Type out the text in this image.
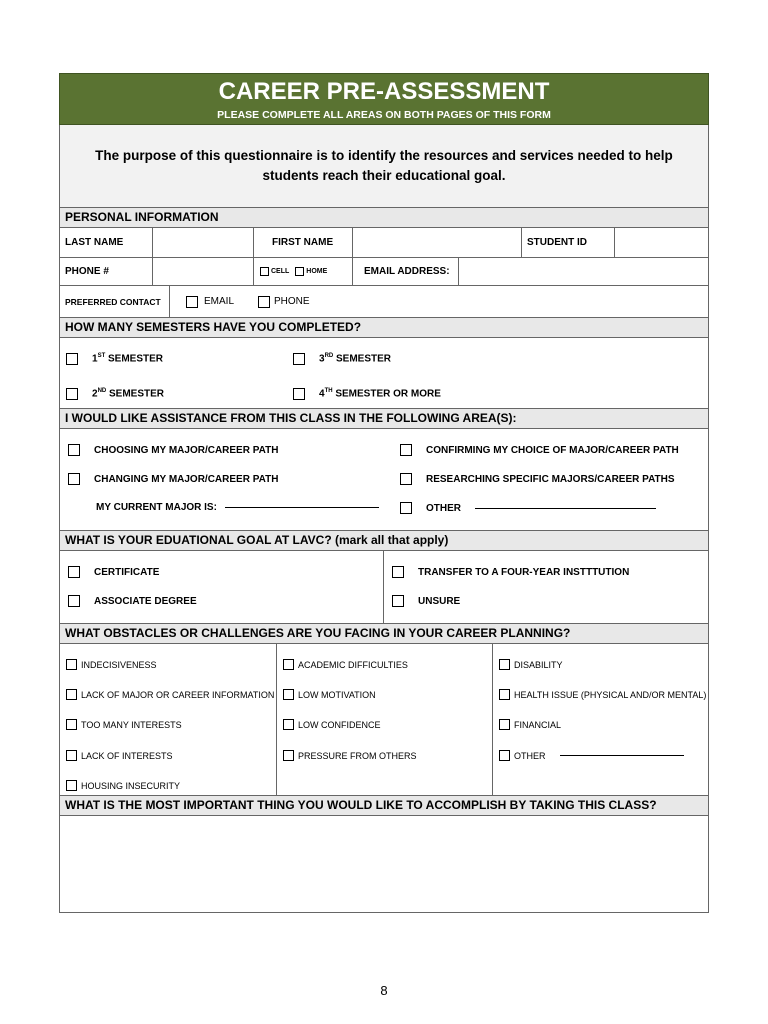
CAREER PRE-ASSESSMENT
PLEASE COMPLETE ALL AREAS ON BOTH PAGES OF THIS FORM
The purpose of this questionnaire is to identify the resources and services needed to help students reach their educational goal.
PERSONAL INFORMATION
LAST NAME	FIRST NAME	STUDENT ID
PHONE #	CELL HOME	EMAIL ADDRESS:
PREFERRED CONTACT	EMAIL	PHONE
HOW MANY SEMESTERS HAVE YOU COMPLETED?
1ST SEMESTER
2ND SEMESTER
3RD SEMESTER
4TH SEMESTER OR MORE
I WOULD LIKE ASSISTANCE FROM THIS CLASS IN THE FOLLOWING AREA(S):
CHOOSING MY MAJOR/CAREER PATH
CHANGING MY MAJOR/CAREER PATH
MY CURRENT MAJOR IS:
CONFIRMING MY CHOICE OF MAJOR/CAREER PATH
RESEARCHING SPECIFIC MAJORS/CAREER PATHS
OTHER
WHAT IS YOUR EDUATIONAL GOAL AT LAVC? (mark all that apply)
CERTIFICATE
ASSOCIATE DEGREE
TRANSFER TO A FOUR-YEAR INSTTTUTION
UNSURE
WHAT OBSTACLES OR CHALLENGES ARE YOU FACING IN YOUR CAREER PLANNING?
INDECISIVENESS
LACK OF MAJOR OR CAREER INFORMATION
TOO MANY INTERESTS
LACK OF INTERESTS
HOUSING INSECURITY
ACADEMIC DIFFICULTIES
LOW MOTIVATION
LOW CONFIDENCE
PRESSURE FROM OTHERS
DISABILITY
HEALTH ISSUE (PHYSICAL AND/OR MENTAL)
FINANCIAL
OTHER
WHAT IS THE MOST IMPORTANT THING YOU WOULD LIKE TO ACCOMPLISH BY TAKING THIS CLASS?
8
